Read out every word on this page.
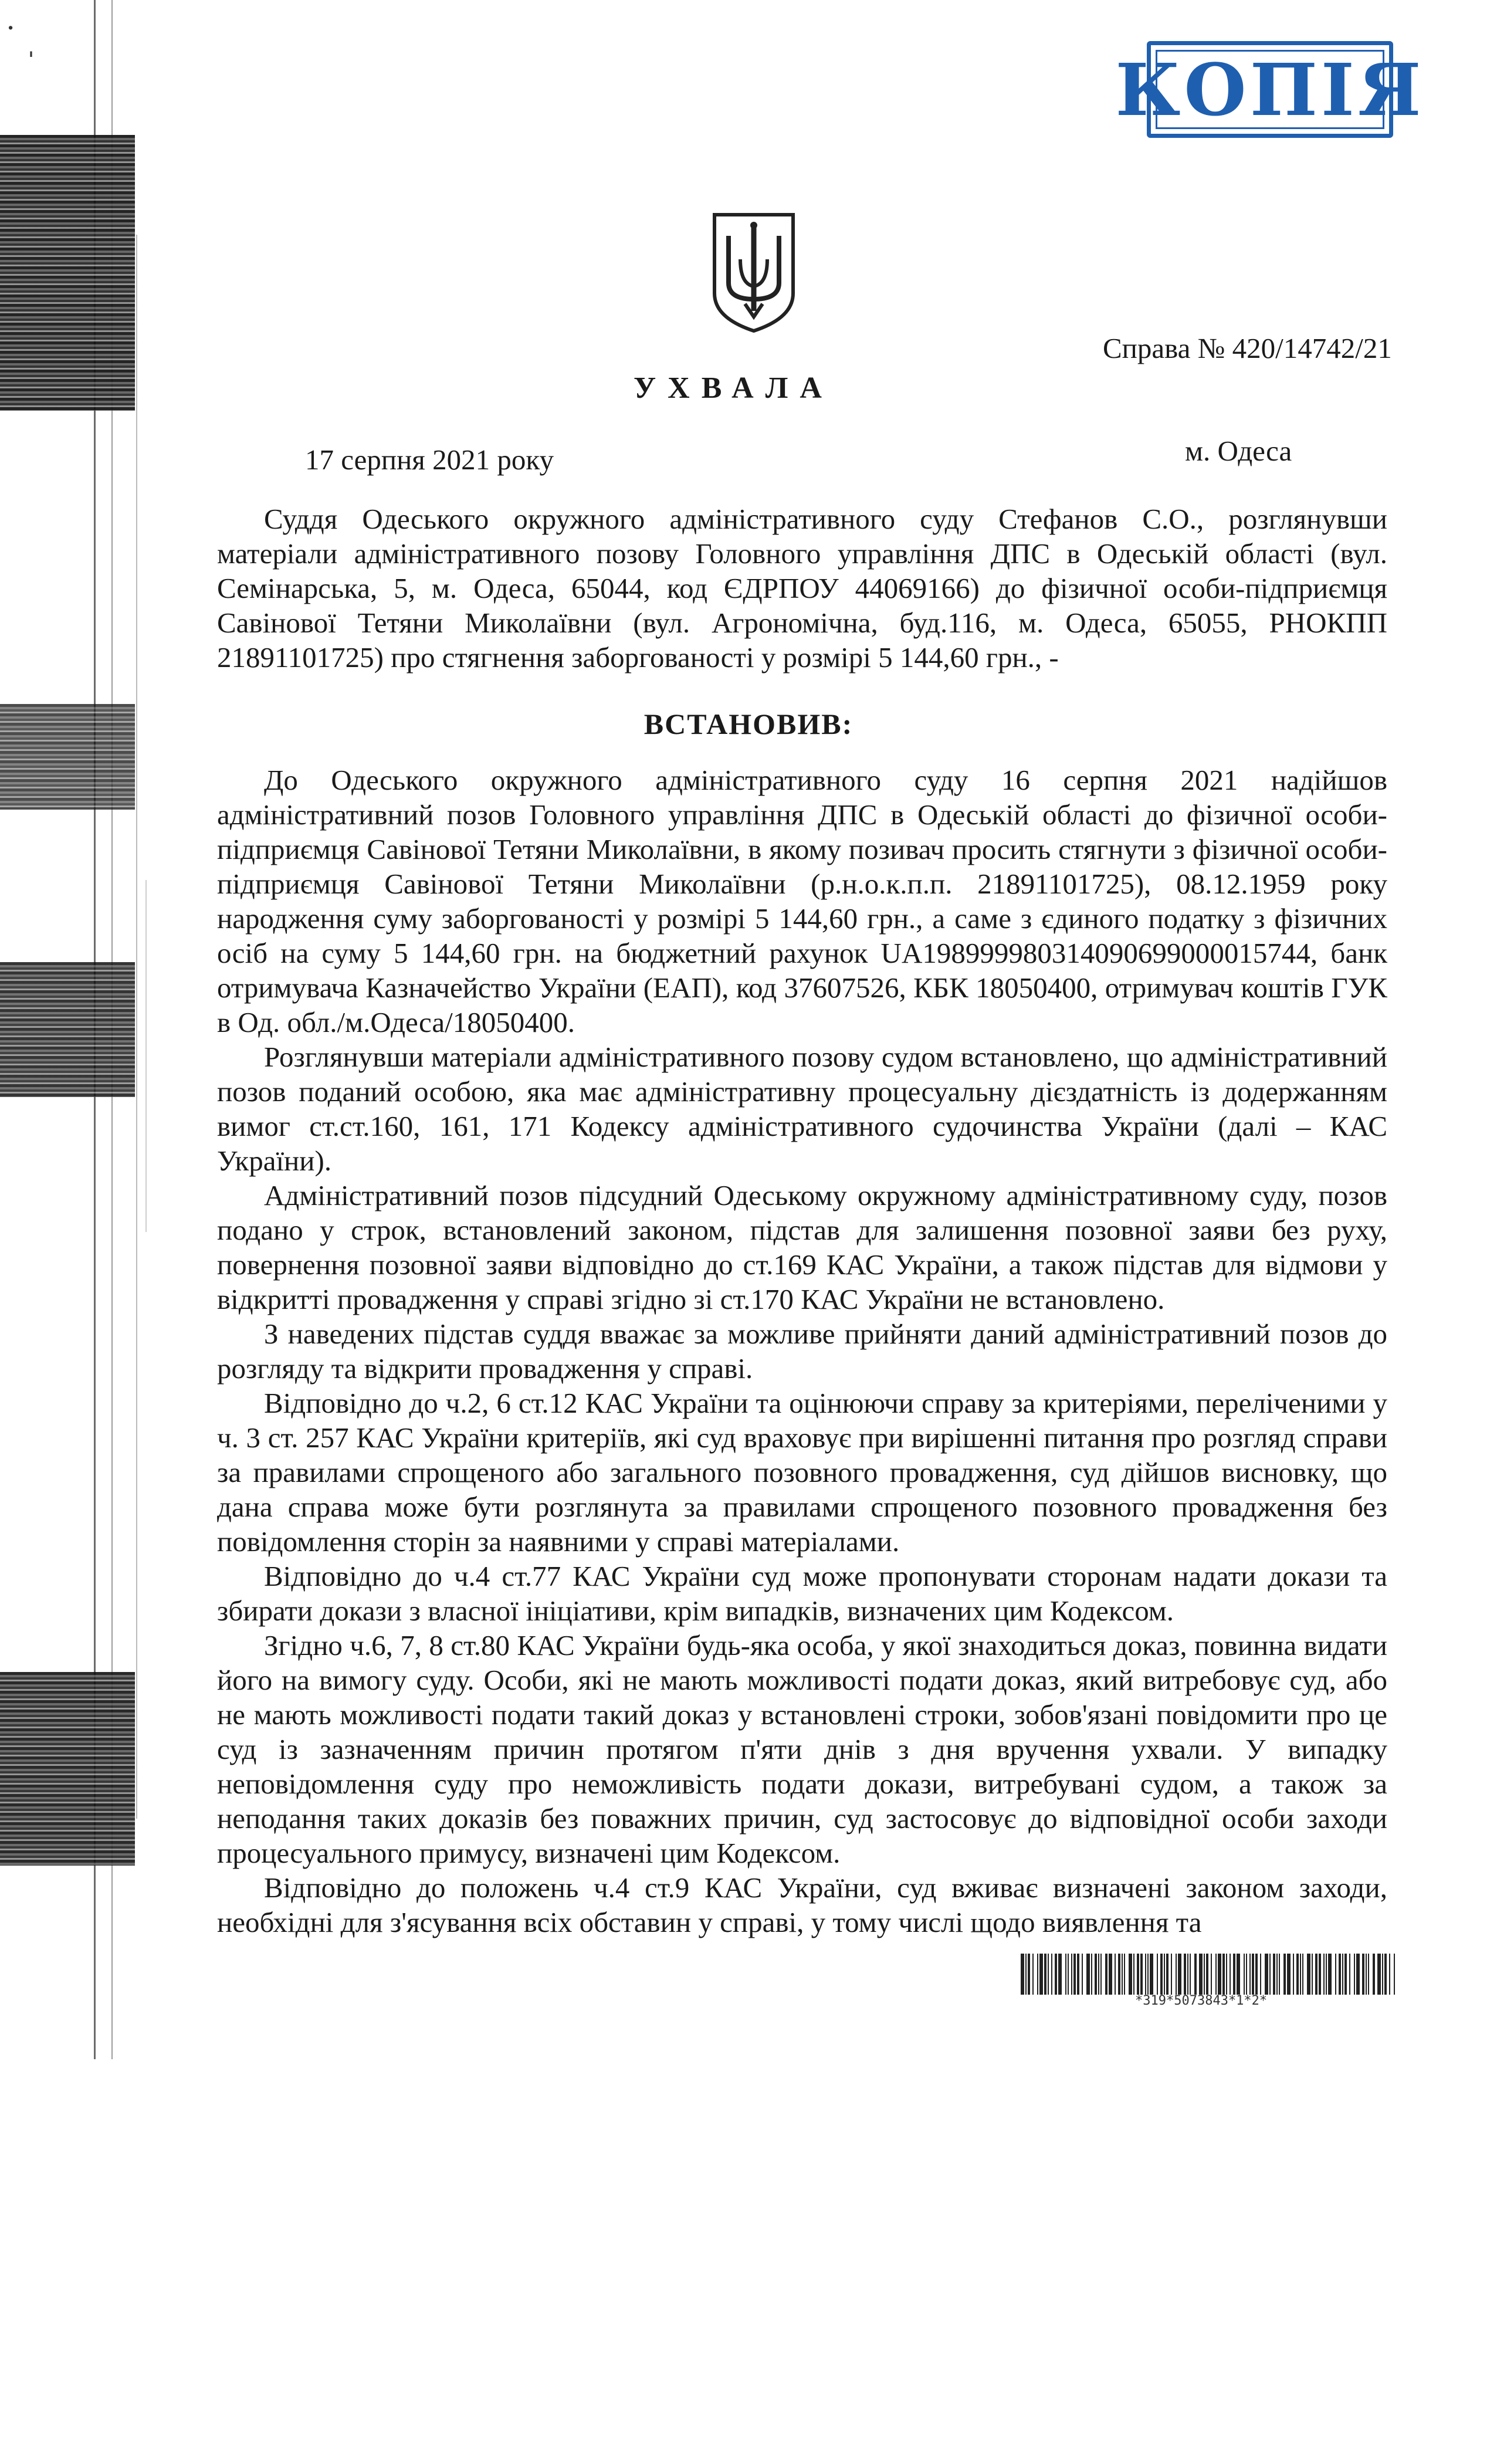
˙ ˌ
КОПІЯ
Справа № 420/14742/21
УХВАЛА
17 серпня 2021 року	м. Одеса

Суддя Одеського окружного адміністративного суду Стефанов С.О., розглянувши матеріали адміністративного позову Головного управління ДПС в Одеській області (вул. Семінарська, 5, м. Одеса, 65044, код ЄДРПОУ 44069166) до фізичної особи-підприємця Савінової Тетяни Миколаївни (вул. Агрономічна, буд.116, м. Одеса, 65055, РНОКПП 21891101725) про стягнення заборгованості у розмірі 5 144,60 грн., -

ВСТАНОВИВ:

До Одеського окружного адміністративного суду 16 серпня 2021 надійшов адміністративний позов Головного управління ДПС в Одеській області до фізичної особи-підприємця Савінової Тетяни Миколаївни, в якому позивач просить стягнути з фізичної особи-підприємця Савінової Тетяни Миколаївни (р.н.о.к.п.п. 21891101725), 08.12.1959 року народження суму заборгованості у розмірі 5 144,60 грн., а саме з єдиного податку з фізичних осіб на суму 5 144,60 грн. на бюджетний рахунок UA198999980314090699000015744, банк отримувача Казначейство України (ЕАП), код 37607526, КБК 18050400, отримувач коштів ГУК в Од. обл./м.Одеса/18050400.

Розглянувши матеріали адміністративного позову судом встановлено, що адміністративний позов поданий особою, яка має адміністративну процесуальну дієздатність із додержанням вимог ст.ст.160, 161, 171 Кодексу адміністративного судочинства України (далі – КАС України).

Адміністративний позов підсудний Одеському окружному адміністративному суду, позов подано у строк, встановлений законом, підстав для залишення позовної заяви без руху, повернення позовної заяви відповідно до ст.169 КАС України, а також підстав для відмови у відкритті провадження у справі згідно зі ст.170 КАС України не встановлено.

З наведених підстав суддя вважає за можливе прийняти даний адміністративний позов до розгляду та відкрити провадження у справі.

Відповідно до ч.2, 6 ст.12 КАС України та оцінюючи справу за критеріями, переліченими у ч. 3 ст. 257 КАС України критеріїв, які суд враховує при вирішенні питання про розгляд справи за правилами спрощеного або загального позовного провадження, суд дійшов висновку, що дана справа може бути розглянута за правилами спрощеного позовного провадження без повідомлення сторін за наявними у справі матеріалами.

Відповідно до ч.4 ст.77 КАС України суд може пропонувати сторонам надати докази та збирати докази з власної ініціативи, крім випадків, визначених цим Кодексом.

Згідно ч.6, 7, 8 ст.80 КАС України будь-яка особа, у якої знаходиться доказ, повинна видати його на вимогу суду. Особи, які не мають можливості подати доказ, який витребовує суд, або не мають можливості подати такий доказ у встановлені строки, зобов'язані повідомити про це суд із зазначенням причин протягом п'яти днів з дня вручення ухвали. У випадку неповідомлення суду про неможливість подати докази, витребувані судом, а також за неподання таких доказів без поважних причин, суд застосовує до відповідної особи заходи процесуального примусу, визначені цим Кодексом.

Відповідно до положень ч.4 ст.9 КАС України, суд вживає визначені законом заходи, необхідні для з'ясування всіх обставин у справі, у тому числі щодо виявлення та

*319*5073843*1*2*
